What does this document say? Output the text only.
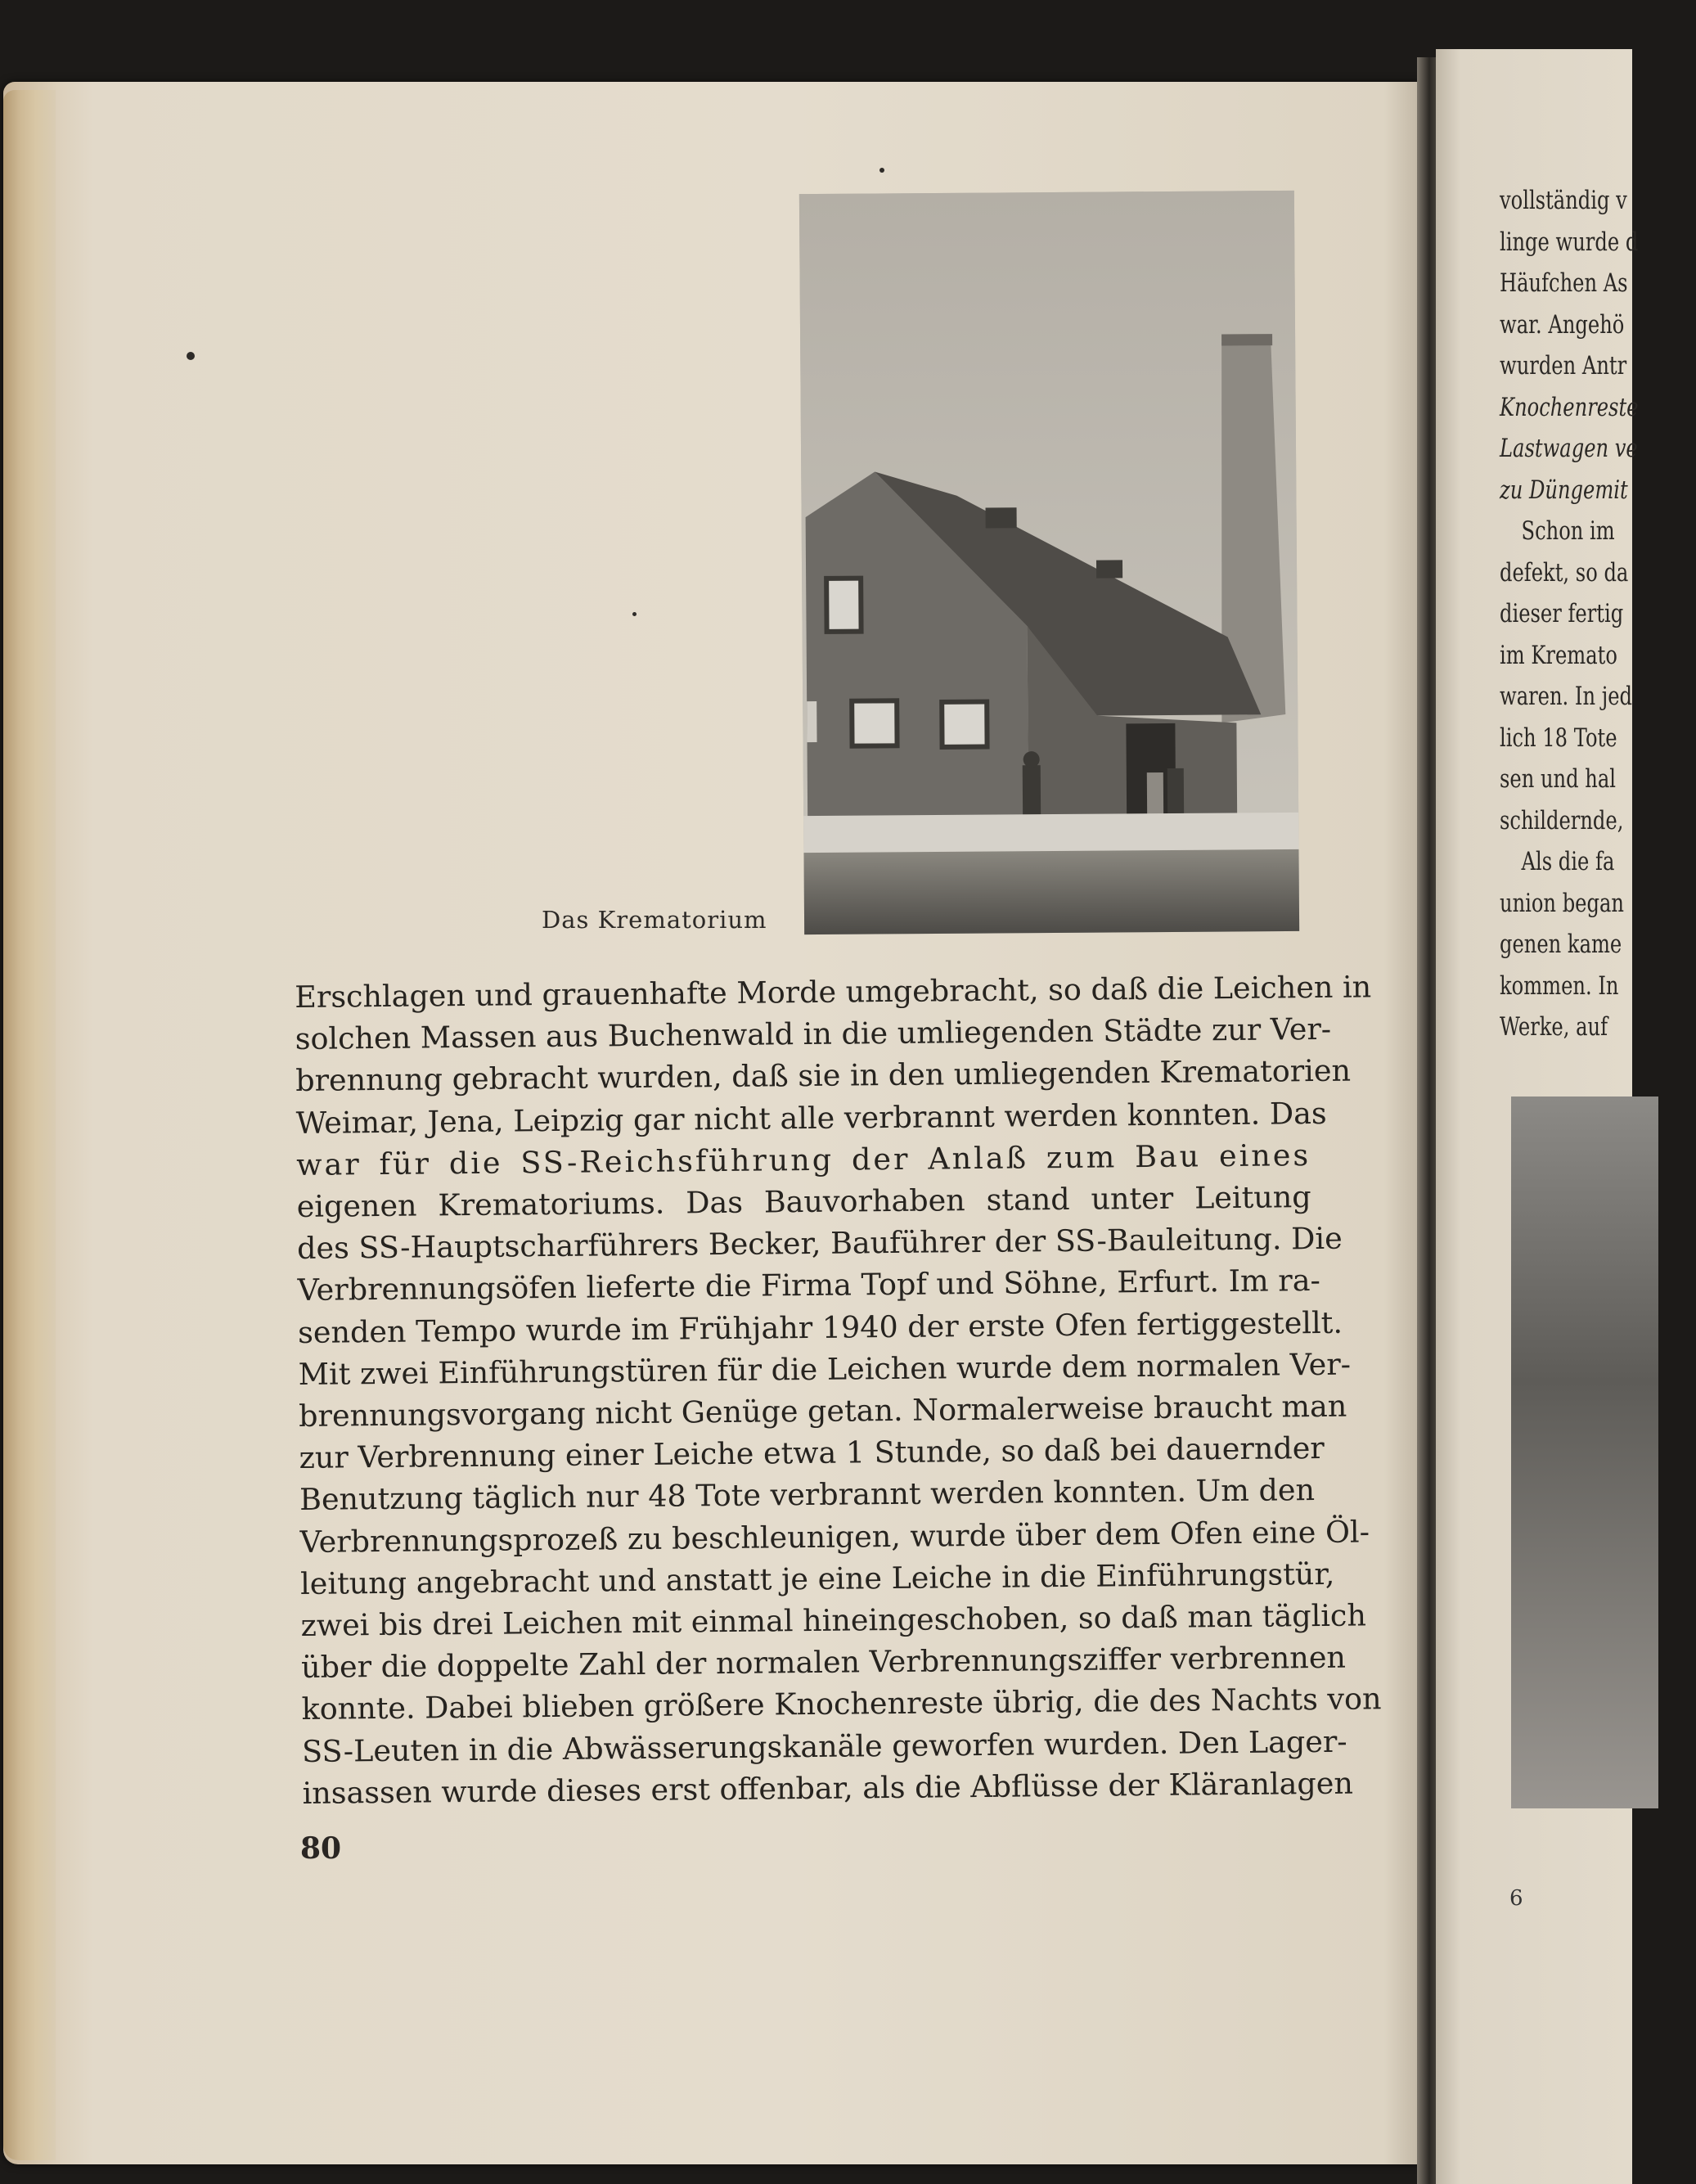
vollständig v
linge wurde d
Häufchen As
war. Angehö
wurden Antr
Knochenreste
Lastwagen ve
zu Düngemit
Schon im
defekt, so da
dieser fertig
im Kremato
waren. In jed
lich 18 Tote
sen und hal
schildernde,
Als die fa
union began
genen kame
kommen. In
Werke, auf
6
Das Krematorium
Erschlagen und grauenhafte Morde umgebracht, so daß die Leichen in
solchen Massen aus Buchenwald in die umliegenden Städte zur Ver-
brennung gebracht wurden, daß sie in den umliegenden Krematorien
Weimar, Jena, Leipzig gar nicht alle verbrannt werden konnten. Das
war für die SS-Reichsführung der Anlaß zum Bau eines
eigenen Krematoriums. Das Bauvorhaben stand unter Leitung
des SS-Hauptscharführers Becker, Bauführer der SS-Bauleitung. Die
Verbrennungsöfen lieferte die Firma Topf und Söhne, Erfurt. Im ra-
senden Tempo wurde im Frühjahr 1940 der erste Ofen fertiggestellt.
Mit zwei Einführungstüren für die Leichen wurde dem normalen Ver-
brennungsvorgang nicht Genüge getan. Normalerweise braucht man
zur Verbrennung einer Leiche etwa 1 Stunde, so daß bei dauernder
Benutzung täglich nur 48 Tote verbrannt werden konnten. Um den
Verbrennungsprozeß zu beschleunigen, wurde über dem Ofen eine Öl-
leitung angebracht und anstatt je eine Leiche in die Einführungstür,
zwei bis drei Leichen mit einmal hineingeschoben, so daß man täglich
über die doppelte Zahl der normalen Verbrennungsziffer verbrennen
konnte. Dabei blieben größere Knochenreste übrig, die des Nachts von
SS-Leuten in die Abwässerungskanäle geworfen wurden. Den Lager-
insassen wurde dieses erst offenbar, als die Abflüsse der Kläranlagen
80
